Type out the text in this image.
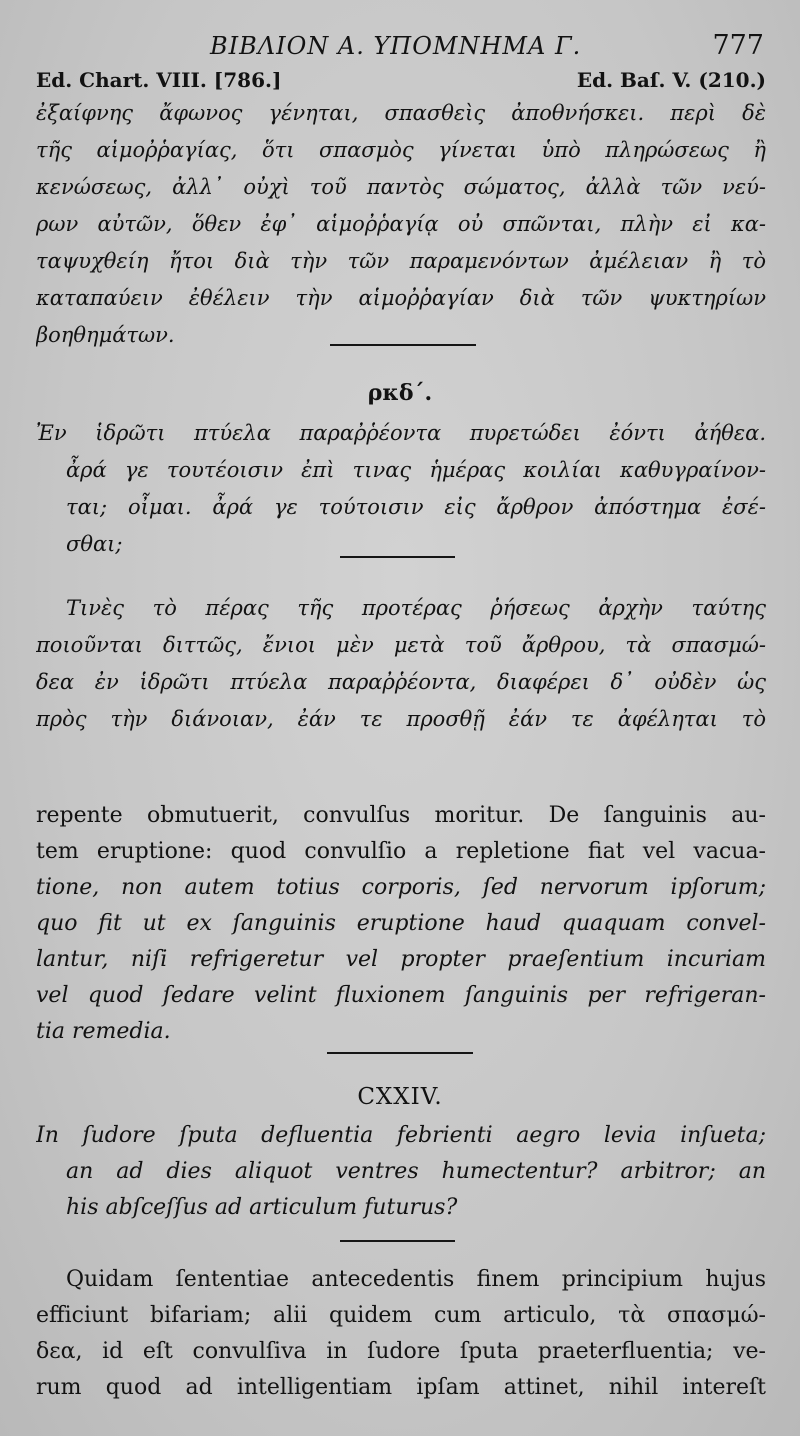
ΒΙΒΛΙΟΝ Α. ΥΠΟΜΝΗΜΑ Γ.	777
Ed. Chart. VIII. [786.]	Ed. Baſ. V. (210.)
ἐξαίφνης ἄφωνος γένηται, σπασθεὶς ἀποθνήσκει. περὶ δὲ
τῆς αἱμοῤῥαγίας, ὅτι σπασμὸς γίνεται ὑπὸ πληρώσεως ἢ
κενώσεως, ἀλλ᾽ οὐχὶ τοῦ παντὸς σώματος, ἀλλὰ τῶν νεύ-
ρων αὐτῶν, ὅθεν ἐφ᾽ αἱμοῤῥαγίᾳ οὐ σπῶνται, πλὴν εἰ κα-
ταψυχθείη ἤτοι διὰ τὴν τῶν παραμενόντων ἀμέλειαν ἢ τὸ
καταπαύειν ἐθέλειν τὴν αἱμοῤῥαγίαν διὰ τῶν ψυκτηρίων
βοηθημάτων.
ρκδ΄.
Ἐν ἱδρῶτι πτύελα παραῤῥέοντα πυρετώδει ἐόντι ἀήθεα.
ἆρά γε τουτέοισιν ἐπὶ τινας ἡμέρας κοιλίαι καθυγραίνον-
ται; οἶμαι. ἆρά γε τούτοισιν εἰς ἄρθρον ἀπόστημα ἐσέ-
σθαι;
Τινὲς τὸ πέρας τῆς προτέρας ῥήσεως ἀρχὴν ταύτης
ποιοῦνται διττῶς, ἔνιοι μὲν μετὰ τοῦ ἄρθρου, τὰ σπασμώ-
δεα ἐν ἱδρῶτι πτύελα παραῤῥέοντα, διαφέρει δ᾽ οὐδὲν ὡς
πρὸς τὴν διάνοιαν, ἐάν τε προσθῇ ἐάν τε ἀφέληται τὸ
repente obmutuerit, convulſus moritur. De ſanguinis au-
tem eruptione: quod convulſio a repletione fiat vel vacua-
tione, non autem totius corporis, ſed nervorum ipſorum;
quo fit ut ex ſanguinis eruptione haud quaquam convel-
lantur, niſi refrigeretur vel propter praeſentium incuriam
vel quod ſedare velint fluxionem ſanguinis per refrigeran-
tia remedia.
CXXIV.
In ſudore ſputa defluentia febrienti aegro levia inſueta;
an ad dies aliquot ventres humectentur? arbitror; an
his abſceſſus ad articulum futurus?
Quidam ſententiae antecedentis finem principium hujus
efficiunt bifariam; alii quidem cum articulo, τὰ σπασμώ-
δεα, id eſt convulſiva in ſudore ſputa praeterfluentia; ve-
rum quod ad intelligentiam ipſam attinet, nihil intereſt
